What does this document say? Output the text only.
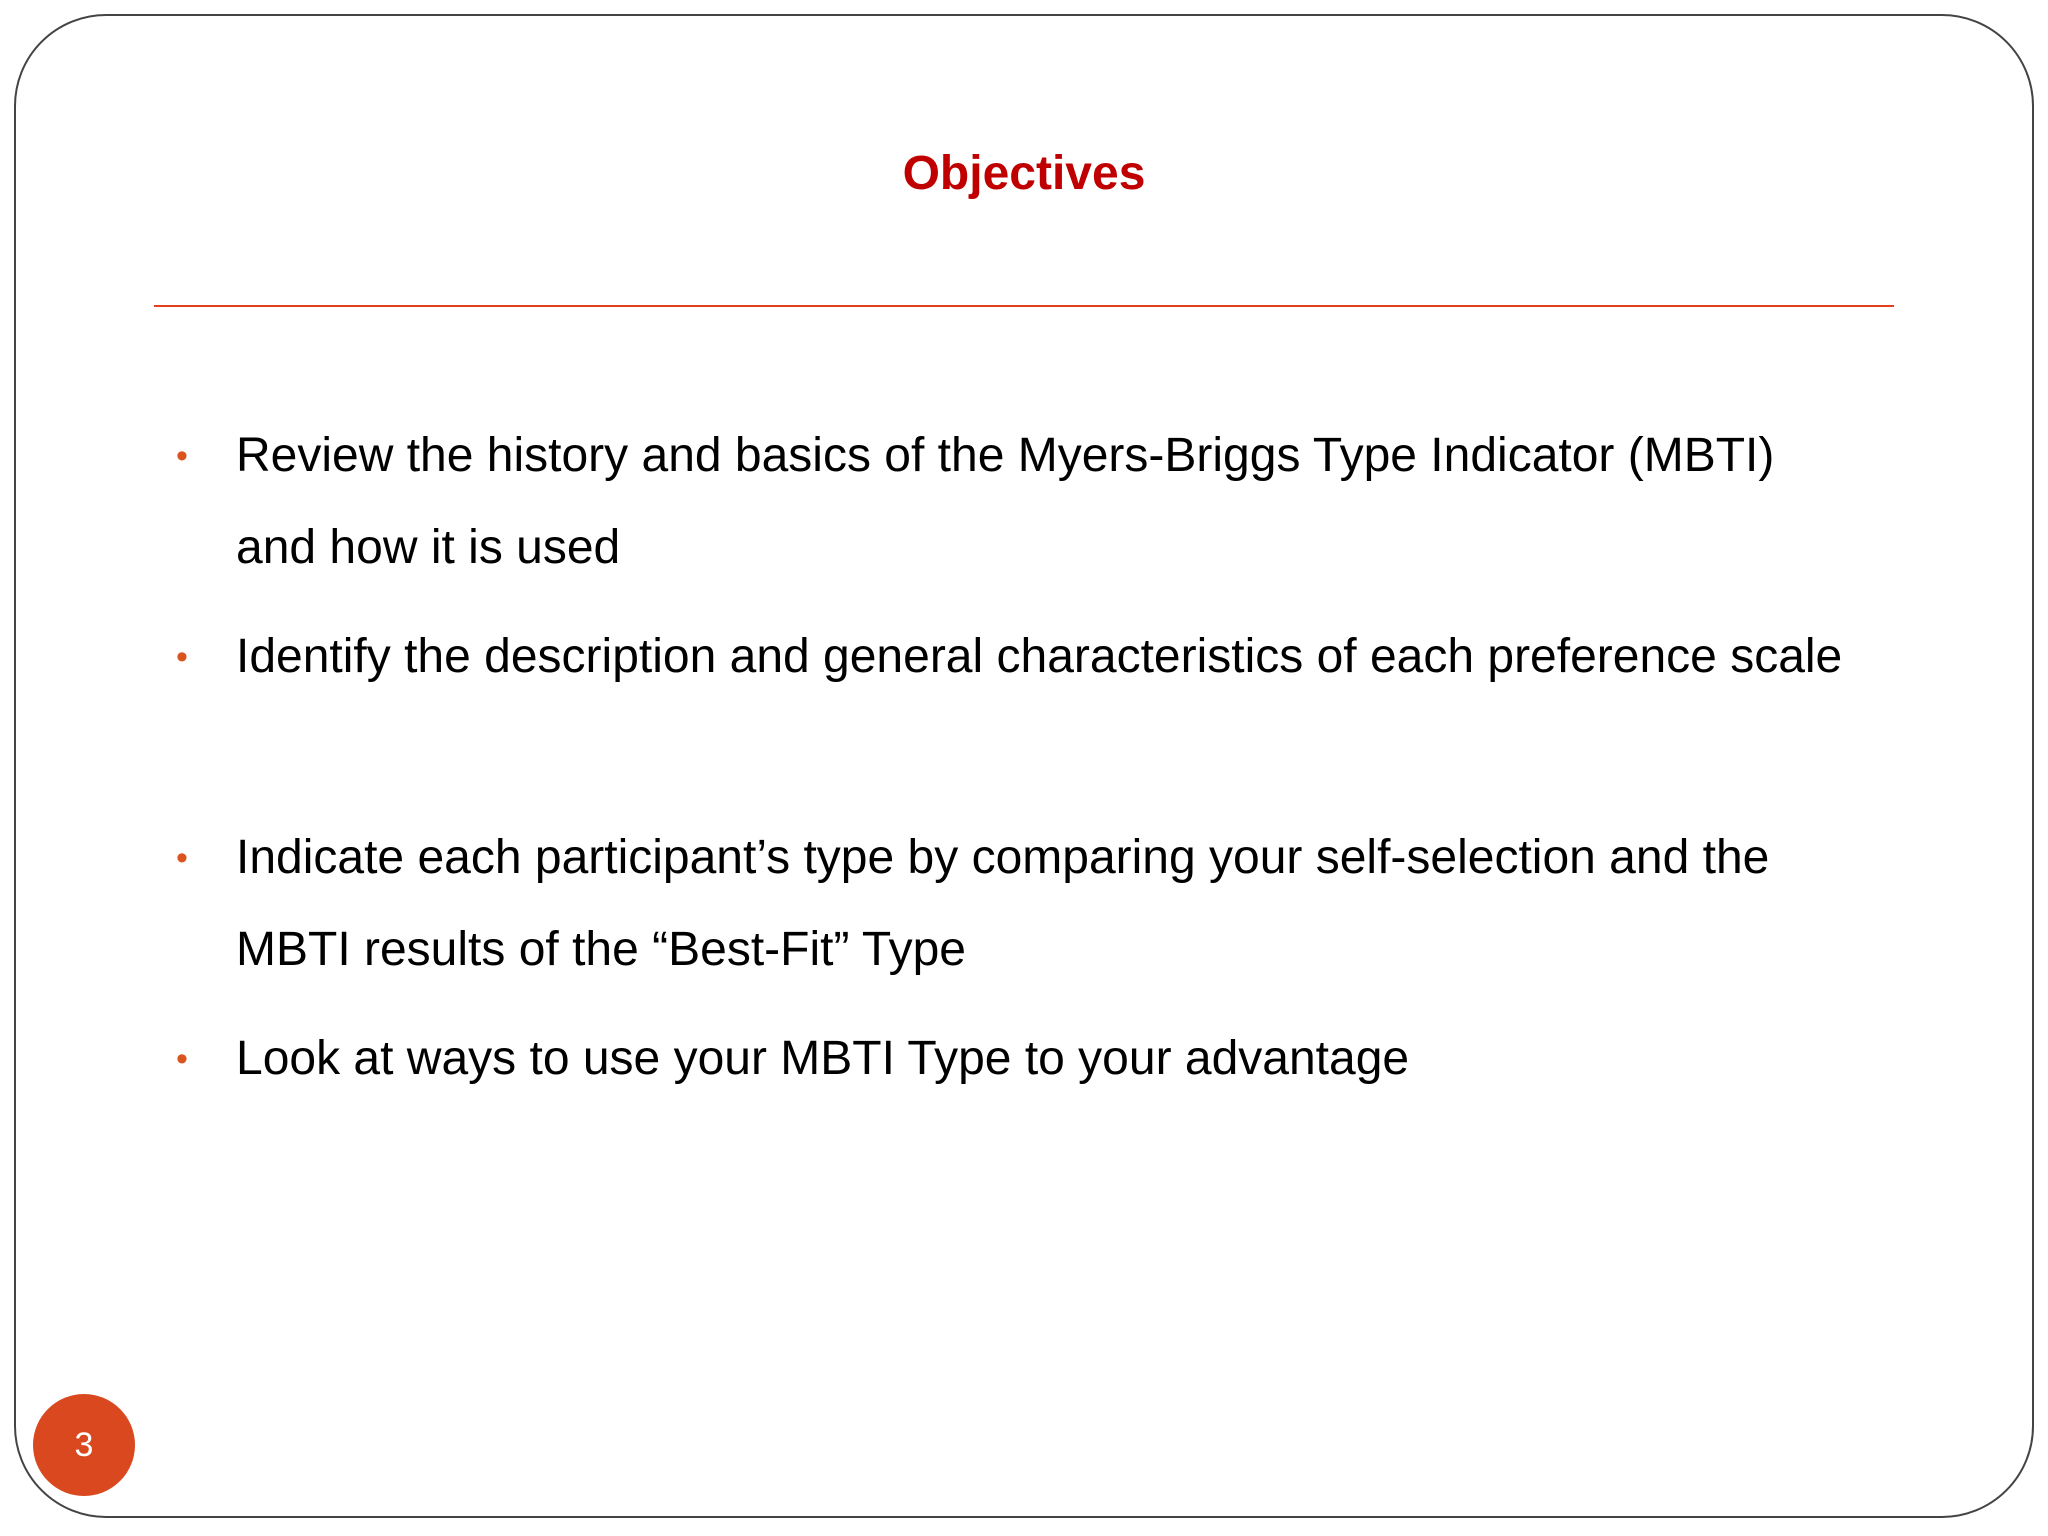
Objectives
• Review the history and basics of the Myers-Briggs Type Indicator (MBTI) and how it is used
• Identify the description and general characteristics of each preference scale
• Indicate each participant’s type by comparing your self-selection and the MBTI results of the “Best-Fit” Type
• Look at ways to use your MBTI Type to your advantage
3
